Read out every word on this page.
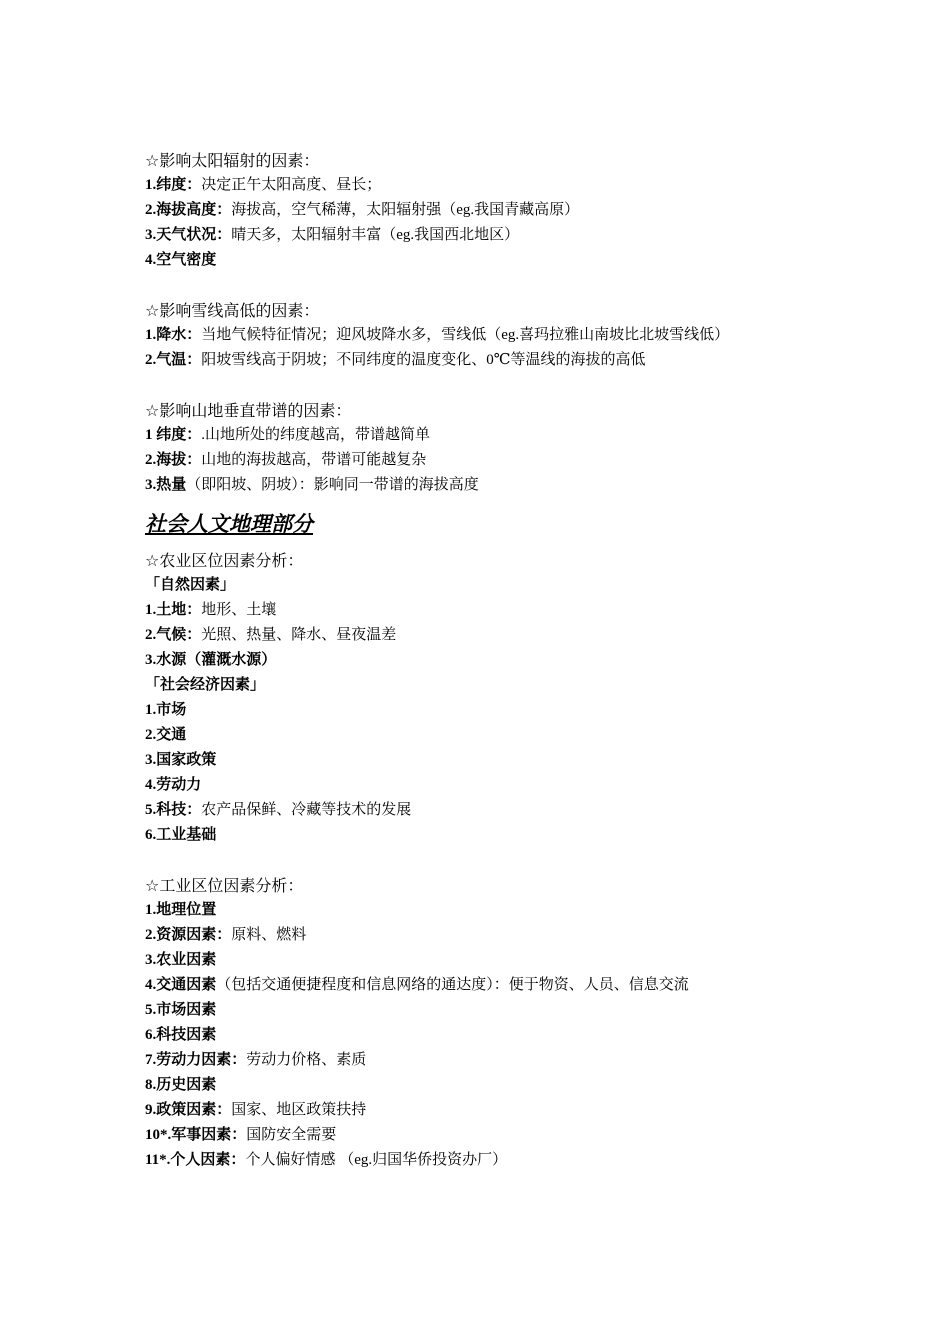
☆影响太阳辐射的因素：
1.纬度：决定正午太阳高度、昼长；
2.海拔高度：海拔高，空气稀薄，太阳辐射强（eg.我国青藏高原）
3.天气状况：晴天多，太阳辐射丰富（eg.我国西北地区）
4.空气密度
☆影响雪线高低的因素：
1.降水：当地气候特征情况；迎风坡降水多，雪线低（eg.喜玛拉雅山南坡比北坡雪线低）
2.气温：阳坡雪线高于阴坡；不同纬度的温度变化、0℃等温线的海拔的高低
☆影响山地垂直带谱的因素：
1 纬度：.山地所处的纬度越高，带谱越简单
2.海拔：山地的海拔越高，带谱可能越复杂
3.热量（即阳坡、阴坡）：影响同一带谱的海拔高度
社会人文地理部分
☆农业区位因素分析：
「自然因素」
1.土地：地形、土壤
2.气候：光照、热量、降水、昼夜温差
3.水源（灌溉水源）
「社会经济因素」
1.市场
2.交通
3.国家政策
4.劳动力
5.科技：农产品保鲜、冷藏等技术的发展
6.工业基础
☆工业区位因素分析：
1.地理位置
2.资源因素：原料、燃料
3.农业因素
4.交通因素（包括交通便捷程度和信息网络的通达度）：便于物资、人员、信息交流
5.市场因素
6.科技因素
7.劳动力因素：劳动力价格、素质
8.历史因素
9.政策因素：国家、地区政策扶持
10*.军事因素：国防安全需要
11*.个人因素：个人偏好情感 （eg.归国华侨投资办厂）
